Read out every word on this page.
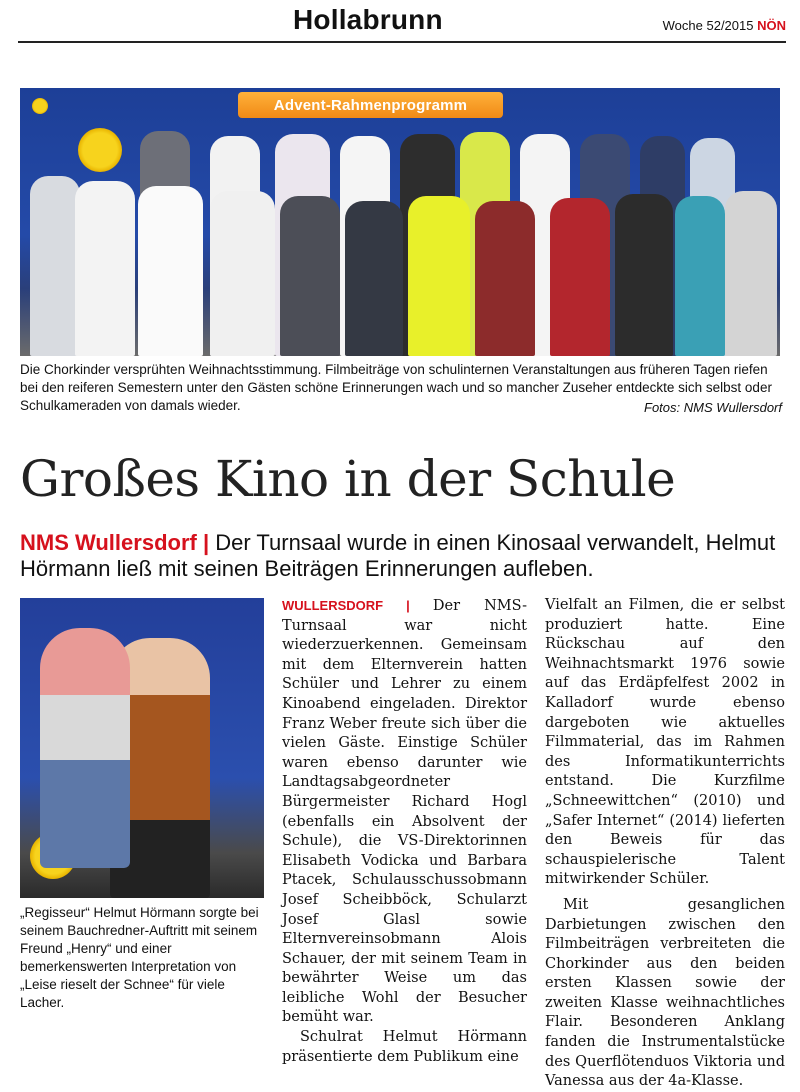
Hollabrunn	Woche 52/2015 NÖN
Advent-Rahmenprogramm
Die Chorkinder versprühten Weihnachtsstimmung. Filmbeiträge von schulinternen Veranstaltungen aus früheren Tagen riefen bei den reiferen Semestern unter den Gästen schöne Erinnerungen wach und so mancher Zuseher entdeckte sich selbst oder Schulkameraden von damals wieder.	Fotos: NMS Wullersdorf
Großes Kino in der Schule
NMS Wullersdorf | Der Turnsaal wurde in einen Kinosaal verwandelt, Helmut Hörmann ließ mit seinen Beiträgen Erinnerungen aufleben.
„Regisseur“ Helmut Hörmann sorgte bei seinem Bauchredner-Auftritt mit seinem Freund „Henry“ und einer bemerkenswerten Interpretation von „Leise rieselt der Schnee“ für viele Lacher.

WULLERSDORF | Der NMS-Turnsaal war nicht wiederzuerkennen. Gemeinsam mit dem Elternverein hatten Schüler und Lehrer zu einem Kinoabend eingeladen. Direktor Franz Weber freute sich über die vielen Gäste. Einstige Schüler waren ebenso darunter wie Landtagsabgeordneter Bürgermeister Richard Hogl (ebenfalls ein Absolvent der Schule), die VS-Direktorinnen Elisabeth Vodicka und Barbara Ptacek, Schulausschussobmann Josef Scheibböck, Schularzt Josef Glasl sowie Elternvereinsobmann Alois Schauer, der mit seinem Team in bewährter Weise um das leibliche Wohl der Besucher bemüht war.

Schulrat Helmut Hörmann präsentierte dem Publikum eine

Vielfalt an Filmen, die er selbst produziert hatte. Eine Rückschau auf den Weihnachtsmarkt 1976 sowie auf das Erdäpfelfest 2002 in Kalladorf wurde ebenso dargeboten wie aktuelles Filmmaterial, das im Rahmen des Informatikunterrichts entstand. Die Kurzfilme „Schneewittchen“ (2010) und „Safer Internet“ (2014) lieferten den Beweis für das schauspielerische Talent mitwirkender Schüler.

Mit gesanglichen Darbietungen zwischen den Filmbeiträgen verbreiteten die Chorkinder aus den beiden ersten Klassen sowie der zweiten Klasse weihnachtliches Flair. Besonderen Anklang fanden die Instrumentalstücke des Querflötenduos Viktoria und Vanessa aus der 4a-Klasse.
